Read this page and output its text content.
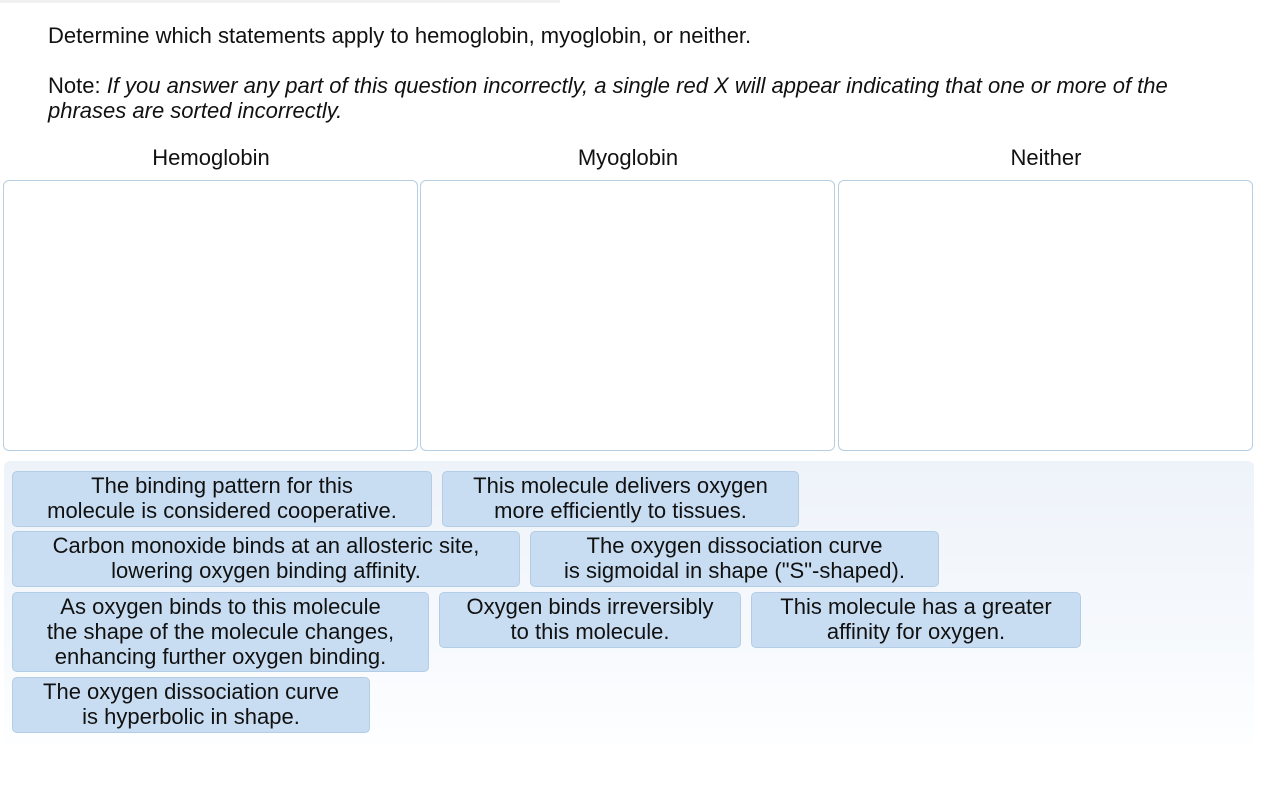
Determine which statements apply to hemoglobin, myoglobin, or neither.

Note: If you answer any part of this question incorrectly, a single red X will appear indicating that one or more of the phrases are sorted incorrectly.

Hemoglobin	Myoglobin	Neither
The binding pattern for this
molecule is considered cooperative.
This molecule delivers oxygen
more efficiently to tissues.
Carbon monoxide binds at an allosteric site,
lowering oxygen binding affinity.
The oxygen dissociation curve
is sigmoidal in shape ("S"-shaped).
As oxygen binds to this molecule
the shape of the molecule changes,
enhancing further oxygen binding.
Oxygen binds irreversibly
to this molecule.
This molecule has a greater
affinity for oxygen.
The oxygen dissociation curve
is hyperbolic in shape.
